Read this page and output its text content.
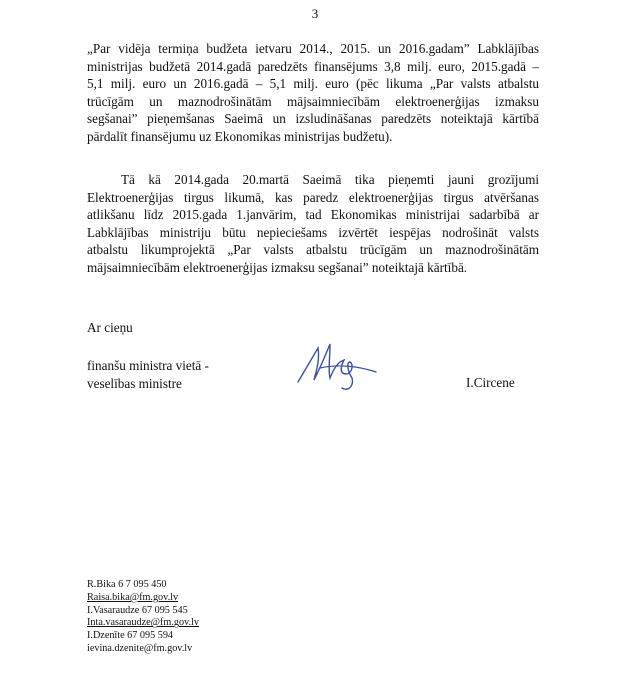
3

„Par vidēja termiņa budžeta ietvaru 2014., 2015. un 2016.gadam” Labklājības
ministrijas budžetā 2014.gadā paredzēts finansējums 3,8 milj. euro, 2015.gadā –
5,1 milj. euro un 2016.gadā – 5,1 milj. euro (pēc likuma „Par valsts atbalstu
trūcīgām un maznodrošinātām mājsaimniecībām elektroenerģijas izmaksu
segšanai” pieņemšanas Saeimā un izsludināšanas paredzēts noteiktajā kārtībā
pārdalīt finansējumu uz Ekonomikas ministrijas budžetu).

Tā kā 2014.gada 20.martā Saeimā tika pieņemti jauni grozījumi
Elektroenerģijas tirgus likumā, kas paredz elektroenerģijas tirgus atvēršanas
atlikšanu līdz 2015.gada 1.janvārim, tad Ekonomikas ministrijai sadarbībā ar
Labklājības ministriju būtu nepieciešams izvērtēt iespējas nodrošināt valsts
atbalstu likumprojektā „Par valsts atbalstu trūcīgām un maznodrošinātām
mājsaimniecībām elektroenerģijas izmaksu segšanai” noteiktajā kārtībā.

Ar cieņu
finanšu ministra vietā -
veselības ministre	I.Circene
R.Bika 6 7 095 450
Raisa.bika@fm.gov.lv
I.Vasaraudze 67 095 545
Inta.vasaraudze@fm.gov.lv
I.Dzenīte 67 095 594
ievina.dzenite@fm.gov.lv
